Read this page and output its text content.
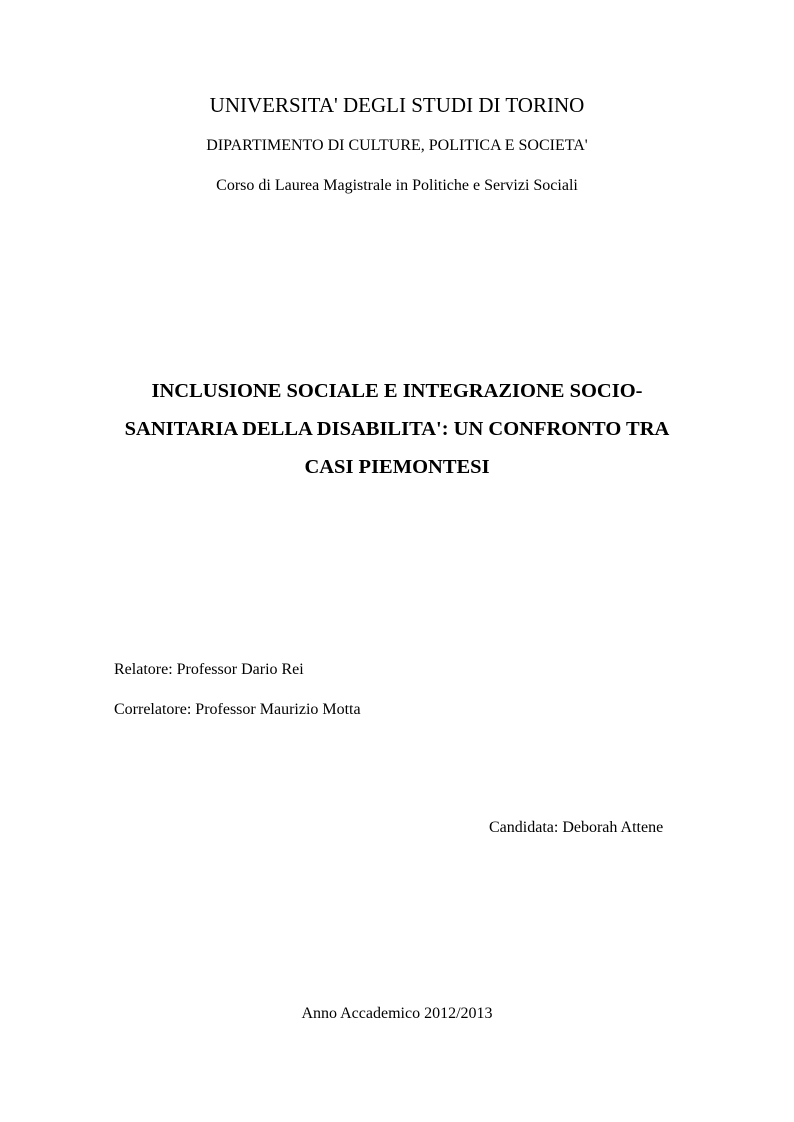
UNIVERSITA' DEGLI STUDI DI TORINO
DIPARTIMENTO DI CULTURE, POLITICA E SOCIETA'
Corso di Laurea Magistrale in Politiche e Servizi Sociali
INCLUSIONE SOCIALE E INTEGRAZIONE SOCIO-
SANITARIA DELLA DISABILITA': UN CONFRONTO TRA
CASI PIEMONTESI
Relatore: Professor Dario Rei
Correlatore: Professor Maurizio Motta
Candidata: Deborah Attene
Anno Accademico 2012/2013
